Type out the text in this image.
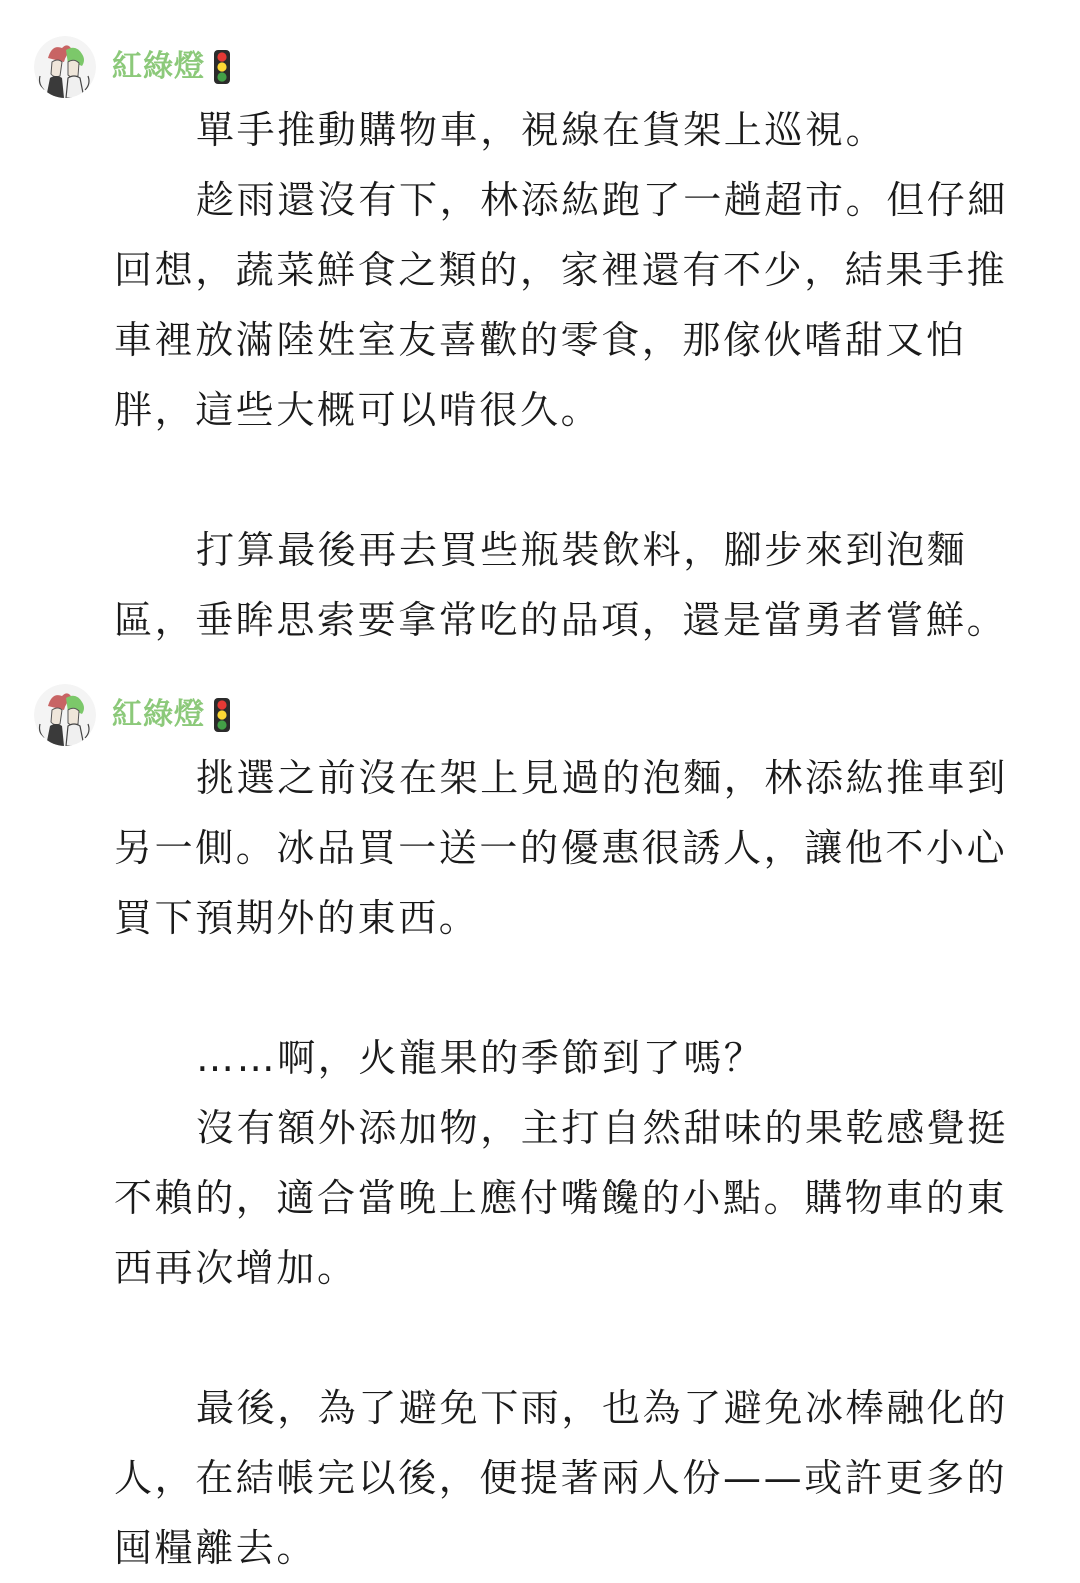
紅綠燈

單手推動購物車，視線在貨架上巡視。

趁雨還沒有下，林添紘跑了一趟超市。但仔細回想，蔬菜鮮食之類的，家裡還有不少，結果手推車裡放滿陸姓室友喜歡的零食，那傢伙嗜甜又怕胖，這些大概可以啃很久。

打算最後再去買些瓶裝飲料，腳步來到泡麵區，垂眸思索要拿常吃的品項，還是當勇者嘗鮮。

紅綠燈

挑選之前沒在架上見過的泡麵，林添紘推車到另一側。冰品買一送一的優惠很誘人，讓他不小心買下預期外的東西。

……啊，火龍果的季節到了嗎？

沒有額外添加物，主打自然甜味的果乾感覺挺不賴的，適合當晚上應付嘴饞的小點。購物車的東西再次增加。

最後，為了避免下雨，也為了避免冰棒融化的人，在結帳完以後，便提著兩人份——或許更多的囤糧離去。
